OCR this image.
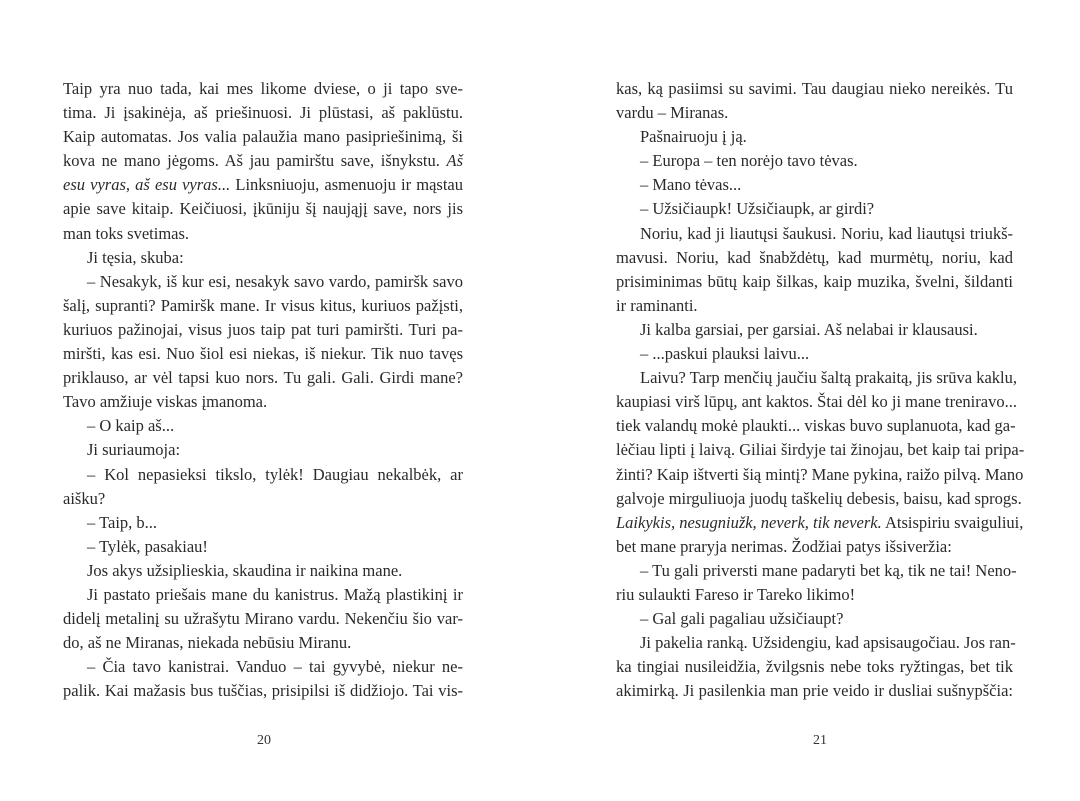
Taip yra nuo tada, kai mes likome dviese, o ji tapo sve-
tima. Ji įsakinėja, aš priešinuosi. Ji plūstasi, aš paklūstu.
Kaip automatas. Jos valia palaužia mano pasipriešinimą, ši
kova ne mano jėgoms. Aš jau pamirštu save, išnykstu. Aš
esu vyras, aš esu vyras... Linksniuoju, asmenuoju ir mąstau
apie save kitaip. Keičiuosi, įkūniju šį naująjį save, nors jis
man toks svetimas.
Ji tęsia, skuba:
– Nesakyk, iš kur esi, nesakyk savo vardo, pamiršk savo
šalį, supranti? Pamiršk mane. Ir visus kitus, kuriuos pažįsti,
kuriuos pažinojai, visus juos taip pat turi pamiršti. Turi pa-
miršti, kas esi. Nuo šiol esi niekas, iš niekur. Tik nuo tavęs
priklauso, ar vėl tapsi kuo nors. Tu gali. Gali. Girdi mane?
Tavo amžiuje viskas įmanoma.
– O kaip aš...
Ji suriaumoja:
– Kol nepasieksi tikslo, tylėk! Daugiau nekalbėk, ar
aišku?
– Taip, b...
– Tylėk, pasakiau!
Jos akys užsiplieskia, skaudina ir naikina mane.
Ji pastato priešais mane du kanistrus. Mažą plastikinį ir
didelį metalinį su užrašytu Mirano vardu. Nekenčiu šio var-
do, aš ne Miranas, niekada nebūsiu Miranu.
– Čia tavo kanistrai. Vanduo – tai gyvybė, niekur ne-
palik. Kai mažasis bus tuščias, prisipilsi iš didžiojo. Tai vis-
20
kas, ką pasiimsi su savimi. Tau daugiau nieko nereikės. Tu
vardu – Miranas.
Pašnairuoju į ją.
– Europa – ten norėjo tavo tėvas.
– Mano tėvas...
– Užsičiaupk! Užsičiaupk, ar girdi?
Noriu, kad ji liautųsi šaukusi. Noriu, kad liautųsi triukš-
mavusi. Noriu, kad šnabždėtų, kad murmėtų, noriu, kad
prisiminimas būtų kaip šilkas, kaip muzika, švelni, šildanti
ir raminanti.
Ji kalba garsiai, per garsiai. Aš nelabai ir klausausi.
– ...paskui plauksi laivu...
Laivu? Tarp menčių jaučiu šaltą prakaitą, jis srūva kaklu,
kaupiasi virš lūpų, ant kaktos. Štai dėl ko ji mane treniravo...
tiek valandų mokė plaukti... viskas buvo suplanuota, kad ga-
lėčiau lipti į laivą. Giliai širdyje tai žinojau, bet kaip tai pripa-
žinti? Kaip ištverti šią mintį? Mane pykina, raižo pilvą. Mano
galvoje mirguliuoja juodų taškelių debesis, baisu, kad sprogs.
Laikykis, nesugniužk, neverk, tik neverk. Atsispiriu svaiguliui,
bet mane praryja nerimas. Žodžiai patys išsiveržia:
– Tu gali priversti mane padaryti bet ką, tik ne tai! Neno-
riu sulaukti Fareso ir Tareko likimo!
– Gal gali pagaliau užsičiaupt?
Ji pakelia ranką. Užsidengiu, kad apsisaugočiau. Jos ran-
ka tingiai nusileidžia, žvilgsnis nebe toks ryžtingas, bet tik
akimirką. Ji pasilenkia man prie veido ir dusliai sušnypščia:
21
